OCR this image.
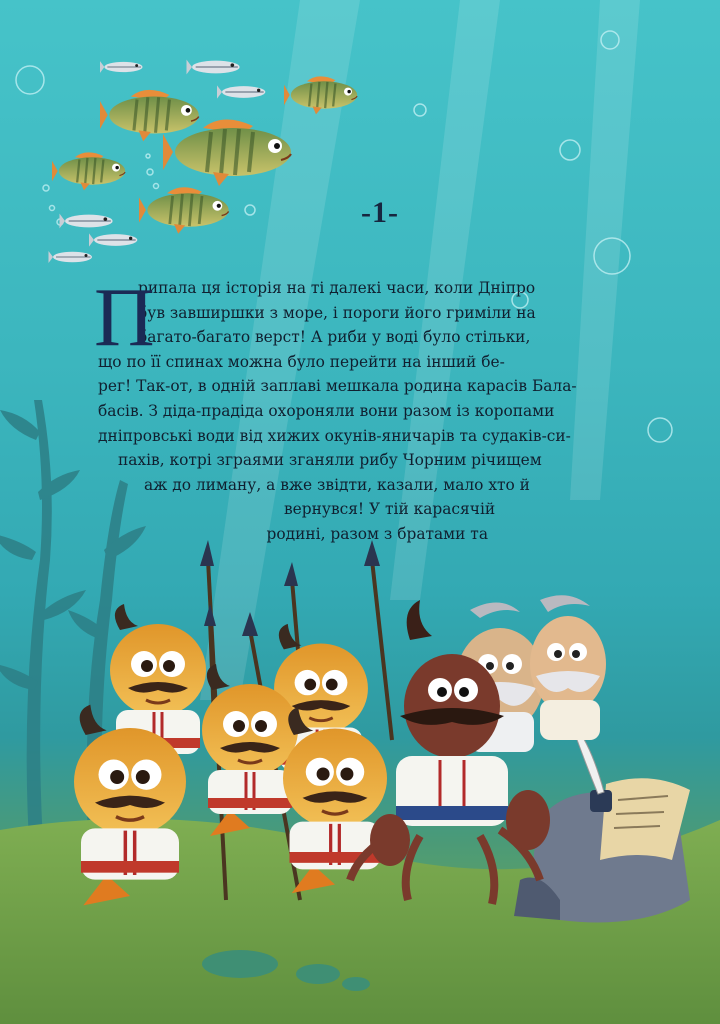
-1-
П
рипала ця історія на ті далекі часи, коли Дніпро
був завширшки з море, і пороги його гриміли на
багато-багато верст! А риби у воді було стільки,
що по її спинах можна було перейти на інший бе-
рег! Так-от, в одній заплаві мешкала родина карасів Бала-
басів. З діда-прадіда охороняли вони разом із коропами
дніпровські води від хижих окунів-яничарів та судаків-си-
пахів, котрі зграями зганяли рибу Чорним річищем
аж до лиману, а вже звідти, казали, мало хто й
вернувся! У тій карасячій
родині, разом з братами та
